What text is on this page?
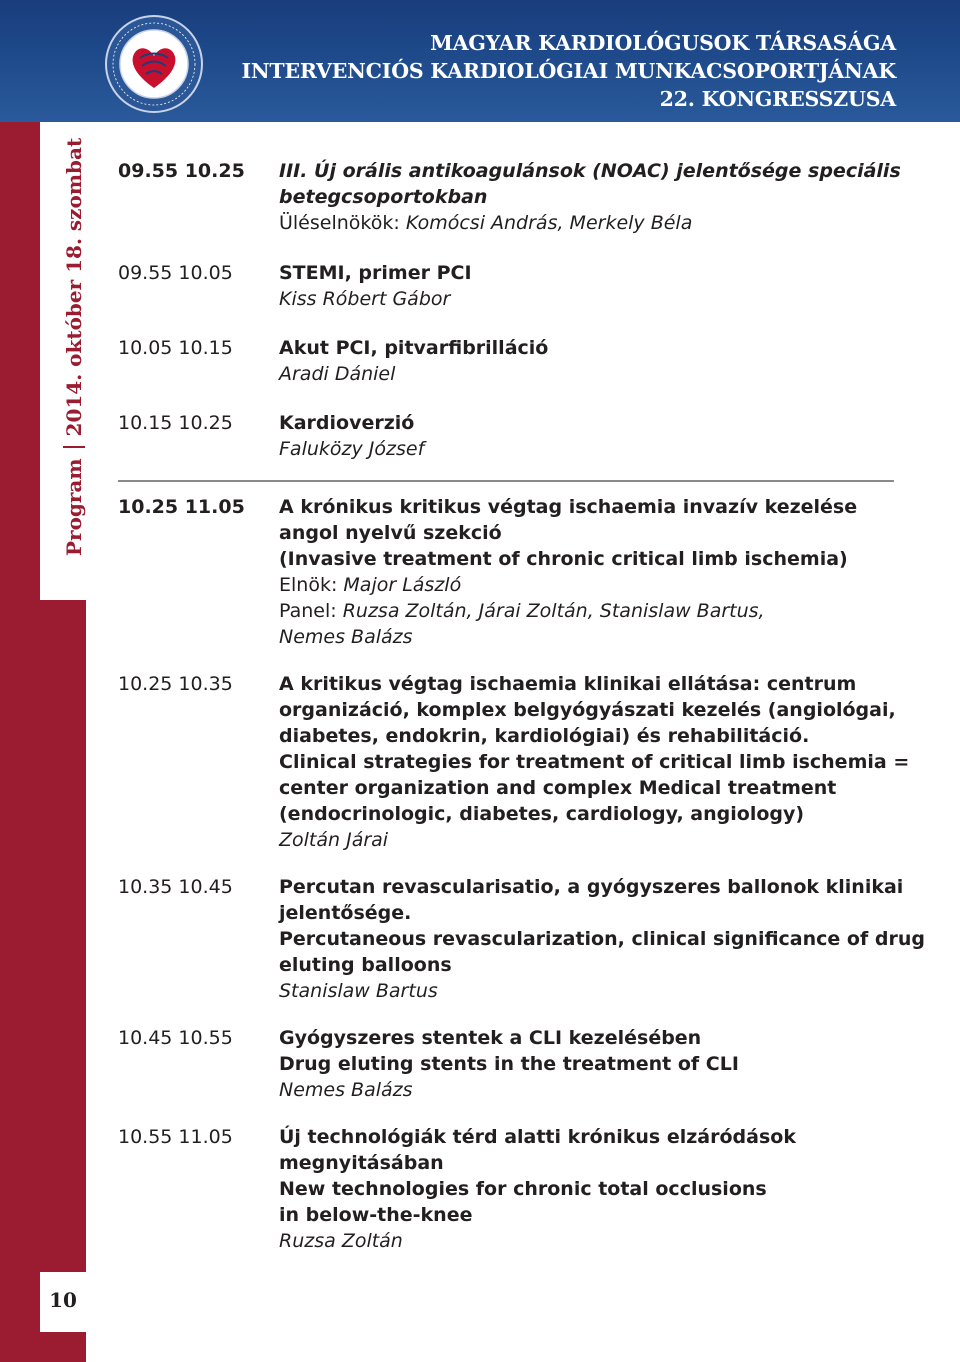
Program2014. október 18. szombat
10
MAGYAR KARDIOLÓGUSOK TÁRSASÁGA
INTERVENCIÓS KARDIOLÓGIAI MUNKACSOPORTJÁNAK
22. KONGRESSZUSA
09.55 10.25 III. Új orális antikoagulánsok (NOAC) jelentősége speciális
betegcsoportokban
Üléselnökök: Komócsi András, Merkely Béla
09.55 10.05 STEMI, primer PCI
Kiss Róbert Gábor
10.05 10.15 Akut PCI, pitvarfibrilláció
Aradi Dániel
10.15 10.25 Kardioverzió
Faluközy József
10.25 11.05 A krónikus kritikus végtag ischaemia invazív kezelése
angol nyelvű szekció
(Invasive treatment of chronic critical limb ischemia)
Elnök: Major László
Panel: Ruzsa Zoltán, Járai Zoltán, Stanislaw Bartus,
Nemes Balázs
10.25 10.35 A kritikus végtag ischaemia klinikai ellátása: centrum
organizáció, komplex belgyógyászati kezelés (angiológai,
diabetes, endokrin, kardiológiai) és rehabilitáció.
Clinical strategies for treatment of critical limb ischemia =
center organization and complex Medical treatment
(endocrinologic, diabetes, cardiology, angiology)
Zoltán Járai
10.35 10.45 Percutan revascularisatio, a gyógyszeres ballonok klinikai
jelentősége.
Percutaneous revascularization, clinical significance of drug
eluting balloons
Stanislaw Bartus
10.45 10.55 Gyógyszeres stentek a CLI kezelésében
Drug eluting stents in the treatment of CLI
Nemes Balázs
10.55 11.05 Új technológiák térd alatti krónikus elzáródások
megnyitásában
New technologies for chronic total occlusions
in below-the-knee
Ruzsa Zoltán
